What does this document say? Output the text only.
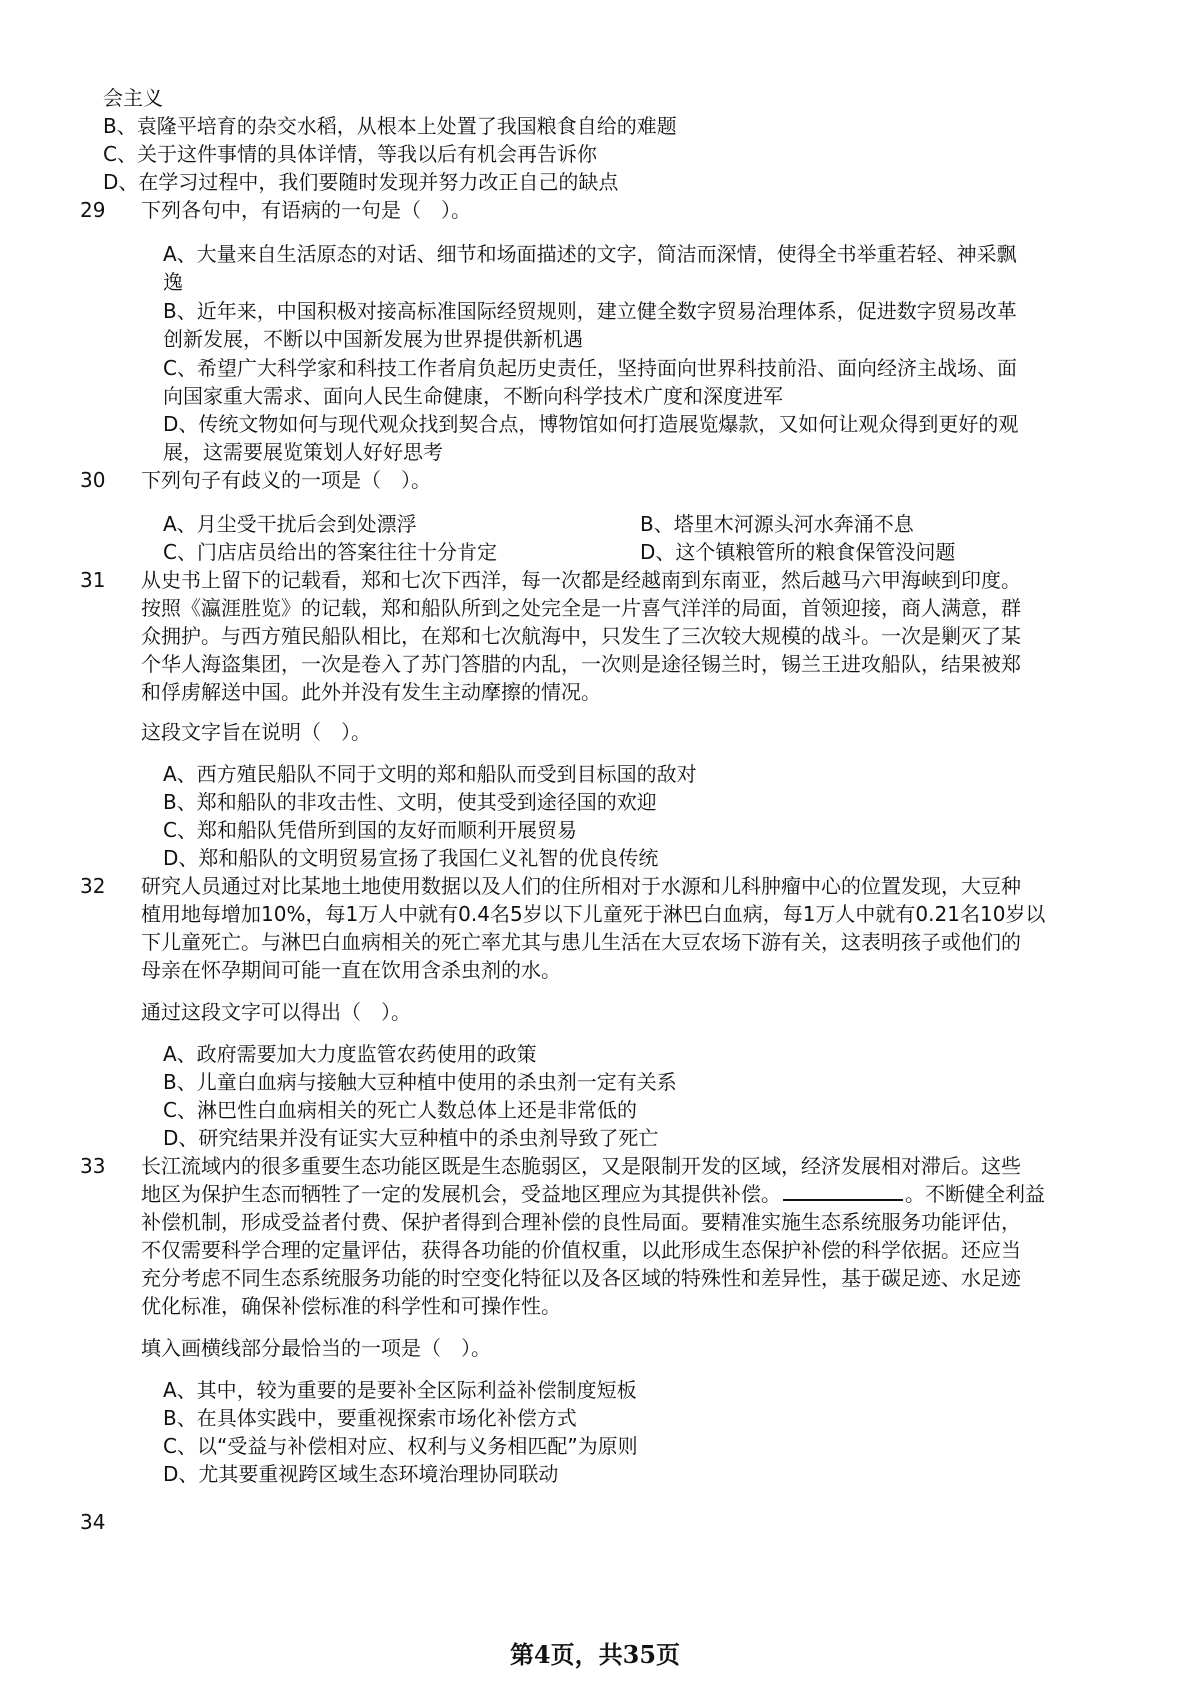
会主义
B、袁隆平培育的杂交水稻，从根本上处置了我国粮食自给的难题
C、关于这件事情的具体详情，等我以后有机会再告诉你
D、在学习过程中，我们要随时发现并努力改正自己的缺点
29 下列各句中，有语病的一句是（　）。
A、大量来自生活原态的对话、细节和场面描述的文字，简洁而深情，使得全书举重若轻、神采飘
逸
B、近年来，中国积极对接高标准国际经贸规则，建立健全数字贸易治理体系，促进数字贸易改革
创新发展，不断以中国新发展为世界提供新机遇
C、希望广大科学家和科技工作者肩负起历史责任，坚持面向世界科技前沿、面向经济主战场、面
向国家重大需求、面向人民生命健康，不断向科学技术广度和深度进军
D、传统文物如何与现代观众找到契合点，博物馆如何打造展览爆款，又如何让观众得到更好的观
展，这需要展览策划人好好思考
30 下列句子有歧义的一项是（　）。
A、月尘受干扰后会到处漂浮	B、塔里木河源头河水奔涌不息
C、门店店员给出的答案往往十分肯定	D、这个镇粮管所的粮食保管没问题
31 从史书上留下的记载看，郑和七次下西洋，每一次都是经越南到东南亚，然后越马六甲海峡到印度。
按照《瀛涯胜览》的记载，郑和船队所到之处完全是一片喜气洋洋的局面，首领迎接，商人满意，群
众拥护。与西方殖民船队相比，在郑和七次航海中，只发生了三次较大规模的战斗。一次是剿灭了某
个华人海盗集团，一次是卷入了苏门答腊的内乱，一次则是途径锡兰时，锡兰王进攻船队，结果被郑
和俘虏解送中国。此外并没有发生主动摩擦的情况。
这段文字旨在说明（　）。
A、西方殖民船队不同于文明的郑和船队而受到目标国的敌对
B、郑和船队的非攻击性、文明，使其受到途径国的欢迎
C、郑和船队凭借所到国的友好而顺利开展贸易
D、郑和船队的文明贸易宣扬了我国仁义礼智的优良传统
32 研究人员通过对比某地土地使用数据以及人们的住所相对于水源和儿科肿瘤中心的位置发现，大豆种
植用地每增加10%，每1万人中就有0.4名5岁以下儿童死于淋巴白血病，每1万人中就有0.21名10岁以
下儿童死亡。与淋巴白血病相关的死亡率尤其与患儿生活在大豆农场下游有关，这表明孩子或他们的
母亲在怀孕期间可能一直在饮用含杀虫剂的水。
通过这段文字可以得出（　）。
A、政府需要加大力度监管农药使用的政策
B、儿童白血病与接触大豆种植中使用的杀虫剂一定有关系
C、淋巴性白血病相关的死亡人数总体上还是非常低的
D、研究结果并没有证实大豆种植中的杀虫剂导致了死亡
33 长江流域内的很多重要生态功能区既是生态脆弱区，又是限制开发的区域，经济发展相对滞后。这些
地区为保护生态而牺牲了一定的发展机会，受益地区理应为其提供补偿。	。不断健全利益
补偿机制，形成受益者付费、保护者得到合理补偿的良性局面。要精准实施生态系统服务功能评估，
不仅需要科学合理的定量评估，获得各功能的价值权重，以此形成生态保护补偿的科学依据。还应当
充分考虑不同生态系统服务功能的时空变化特征以及各区域的特殊性和差异性，基于碳足迹、水足迹
优化标准，确保补偿标准的科学性和可操作性。
填入画横线部分最恰当的一项是（　）。
A、其中，较为重要的是要补全区际利益补偿制度短板
B、在具体实践中，要重视探索市场化补偿方式
C、以“受益与补偿相对应、权利与义务相匹配”为原则
D、尤其要重视跨区域生态环境治理协同联动
34
第4页，共35页
